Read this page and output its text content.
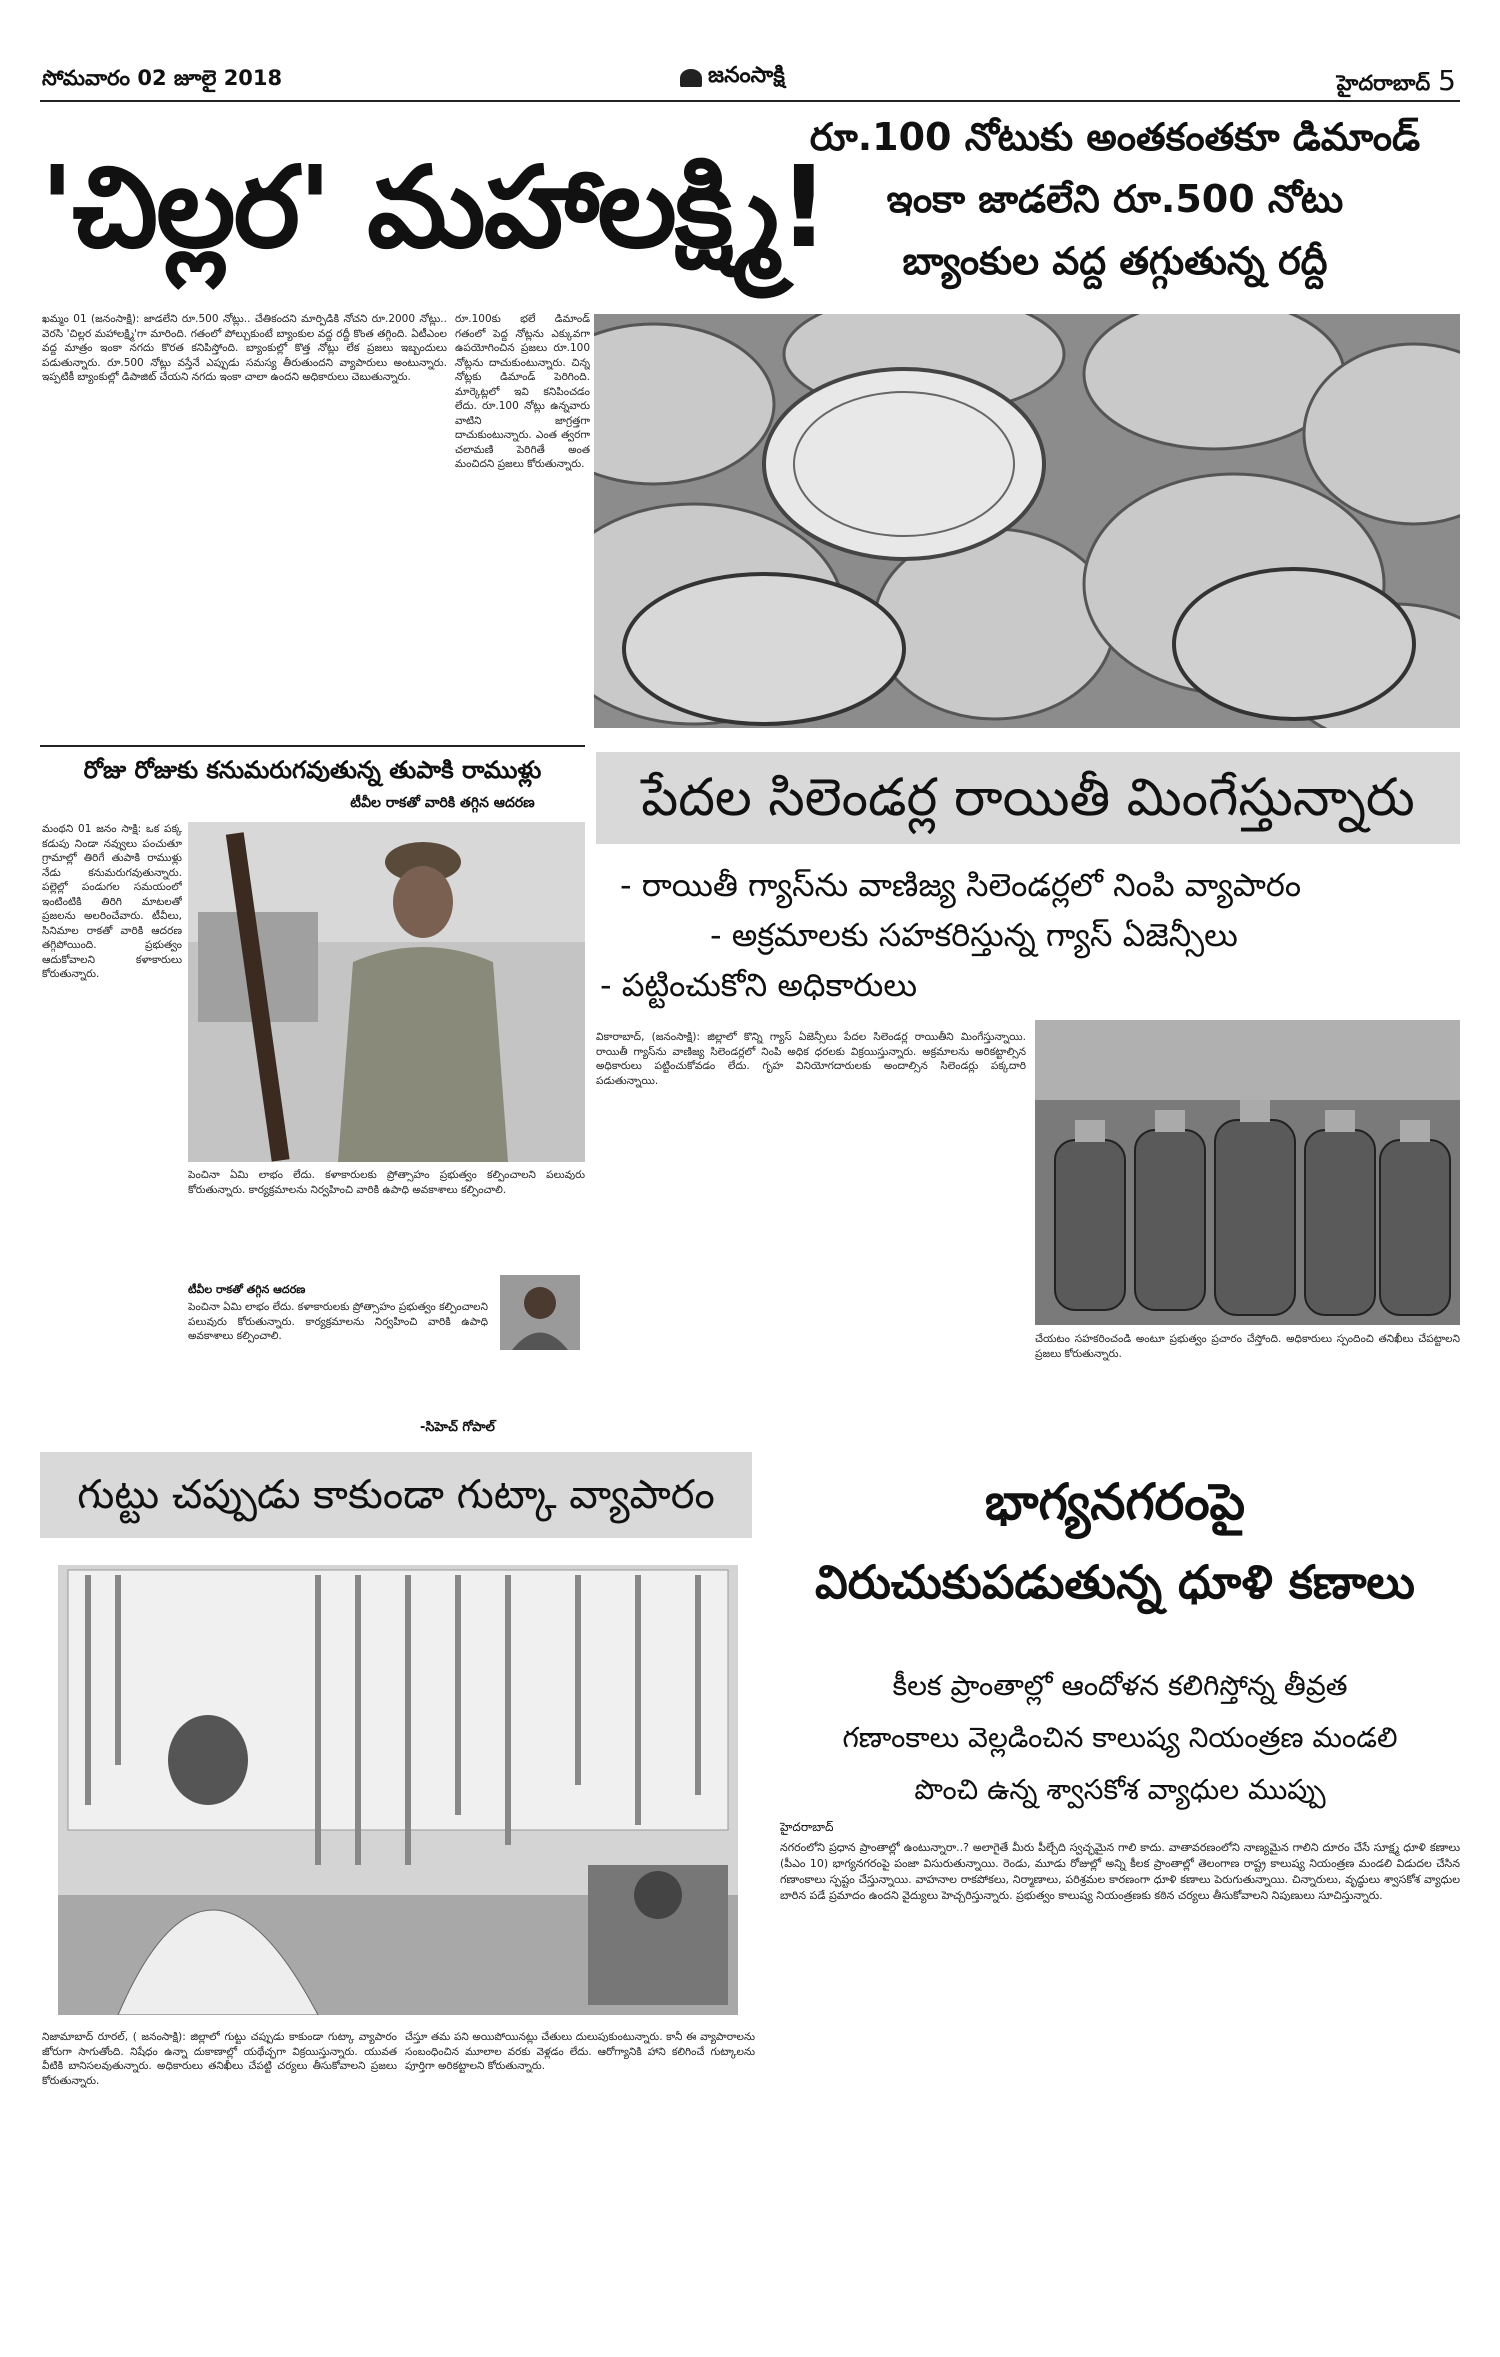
సోమవారం 02 జూలై 2018	జనంసాక్షి	హైదరాబాద్ 5
'చిల్లర' మహాలక్ష్మి!
రూ.100 నోటుకు అంతకంతకూ డిమాండ్
ఇంకా జాడలేని రూ.500 నోటు
బ్యాంకుల వద్ద తగ్గుతున్న రద్దీ
ఖమ్మం 01 (జనంసాక్షి): జాడలేని రూ.500 నోట్లు.. చేతికందని మార్పిడికి నోచని రూ.2000 నోట్లు.. వెరసి 'చిల్లర మహాలక్ష్మి'గా మారింది. గతంలో పోల్చుకుంటే బ్యాంకుల వద్ద రద్దీ కొంత తగ్గింది. ఏటీఎంల వద్ద మాత్రం ఇంకా నగదు కొరత కనిపిస్తోంది. బ్యాంకుల్లో కొత్త నోట్లు లేక ప్రజలు ఇబ్బందులు పడుతున్నారు. రూ.500 నోట్లు వస్తేనే ఎప్పుడు సమస్య తీరుతుందని వ్యాపారులు అంటున్నారు. ఇప్పటికీ బ్యాంకుల్లో డిపాజిట్ చేయని నగదు ఇంకా చాలా ఉందని అధికారులు చెబుతున్నారు.
రూ.100కు భలే డిమాండ్ గతంలో పెద్ద నోట్లను ఎక్కువగా ఉపయోగించిన ప్రజలు రూ.100 నోట్లను దాచుకుంటున్నారు. చిన్న నోట్లకు డిమాండ్ పెరిగింది. మార్కెట్లలో ఇవి కనిపించడం లేదు. రూ.100 నోట్లు ఉన్నవారు వాటిని జాగ్రత్తగా దాచుకుంటున్నారు. ఎంత త్వరగా చలామణి పెరిగితే అంత మంచిదని ప్రజలు కోరుతున్నారు.
రోజు రోజుకు కనుమరుగవుతున్న తుపాకి రాముళ్లు
టీవీల రాకతో వారికి తగ్గిన ఆదరణ
మంథని 01 జనం సాక్షి: ఒక పక్క కడుపు నిండా నవ్వులు పంచుతూ గ్రామాల్లో తిరిగే తుపాకి రాముళ్లు నేడు కనుమరుగవుతున్నారు. పల్లెల్లో పండుగల సమయంలో ఇంటింటికి తిరిగి మాటలతో ప్రజలను అలరించేవారు. టీవీలు, సినిమాల రాకతో వారికి ఆదరణ తగ్గిపోయింది. ప్రభుత్వం ఆదుకోవాలని కళాకారులు కోరుతున్నారు.
పెంచినా ఏమి లాభం లేదు. కళాకారులకు ప్రోత్సాహం ప్రభుత్వం కల్పించాలని పలువురు కోరుతున్నారు. కార్యక్రమాలను నిర్వహించి వారికి ఉపాధి అవకాశాలు కల్పించాలి.
టీవీల రాకతో తగ్గిన ఆదరణ
పెంచినా ఏమి లాభం లేదు. కళాకారులకు ప్రోత్సాహం ప్రభుత్వం కల్పించాలని పలువురు కోరుతున్నారు. కార్యక్రమాలను నిర్వహించి వారికి ఉపాధి అవకాశాలు కల్పించాలి.
-సిహెచ్ గోపాల్
పేదల సిలెండర్ల రాయితీ మింగేస్తున్నారు
- రాయితీ గ్యాస్‌ను వాణిజ్య సిలెండర్లలో నింపి వ్యాపారం
- అక్రమాలకు సహకరిస్తున్న గ్యాస్ ఏజెన్సీలు
- పట్టించుకోని అధికారులు
వికారాబాద్, (జనంసాక్షి): జిల్లాలో కొన్ని గ్యాస్ ఏజెన్సీలు పేదల సిలెండర్ల రాయితీని మింగేస్తున్నాయి. రాయితీ గ్యాస్‌ను వాణిజ్య సిలెండర్లలో నింపి అధిక ధరలకు విక్రయిస్తున్నారు. అక్రమాలను అరికట్టాల్సిన అధికారులు పట్టించుకోవడం లేదు. గృహ వినియోగదారులకు అందాల్సిన సిలెండర్లు పక్కదారి పడుతున్నాయి.
చేయటం సహకరించండి అంటూ ప్రభుత్వం ప్రచారం చేస్తోంది. అధికారులు స్పందించి తనిఖీలు చేపట్టాలని ప్రజలు కోరుతున్నారు.
గుట్టు చప్పుడు కాకుండా గుట్కా వ్యాపారం
నిజామాబాద్ రూరల్, ( జనంసాక్షి): జిల్లాలో గుట్టు చప్పుడు కాకుండా గుట్కా వ్యాపారం జోరుగా సాగుతోంది. నిషేధం ఉన్నా దుకాణాల్లో యథేచ్ఛగా విక్రయిస్తున్నారు. యువత వీటికి బానిసలవుతున్నారు. అధికారులు తనిఖీలు చేపట్టి చర్యలు తీసుకోవాలని ప్రజలు కోరుతున్నారు.
చేస్తూ తమ పని అయిపోయినట్లు చేతులు దులుపుకుంటున్నారు. కానీ ఈ వ్యాపారాలను సంబంధించిన మూలాల వరకు వెళ్లడం లేదు. ఆరోగ్యానికి హాని కలిగించే గుట్కాలను పూర్తిగా అరికట్టాలని కోరుతున్నారు.
భాగ్యనగరంపై
విరుచుకుపడుతున్న ధూళి కణాలు
కీలక ప్రాంతాల్లో ఆందోళన కలిగిస్తోన్న తీవ్రత
గణాంకాలు వెల్లడించిన కాలుష్య నియంత్రణ మండలి
పొంచి ఉన్న శ్వాసకోశ వ్యాధుల ముప్పు
హైదరాబాద్
నగరంలోని ప్రధాన ప్రాంతాల్లో ఉంటున్నారా..? అలాగైతే మీరు పీల్చేది స్వచ్ఛమైన గాలి కాదు. వాతావరణంలోని నాణ్యమైన గాలిని దూరం చేసే సూక్ష్మ ధూళి కణాలు (పీఎం 10) భాగ్యనగరంపై పంజా విసురుతున్నాయి. రెండు, మూడు రోజుల్లో అన్ని కీలక ప్రాంతాల్లో తెలంగాణ రాష్ట్ర కాలుష్య నియంత్రణ మండలి విడుదల చేసిన గణాంకాలు స్పష్టం చేస్తున్నాయి. వాహనాల రాకపోకలు, నిర్మాణాలు, పరిశ్రమల కారణంగా ధూళి కణాలు పెరుగుతున్నాయి. చిన్నారులు, వృద్ధులు శ్వాసకోశ వ్యాధుల బారిన పడే ప్రమాదం ఉందని వైద్యులు హెచ్చరిస్తున్నారు. ప్రభుత్వం కాలుష్య నియంత్రణకు కఠిన చర్యలు తీసుకోవాలని నిపుణులు సూచిస్తున్నారు.
